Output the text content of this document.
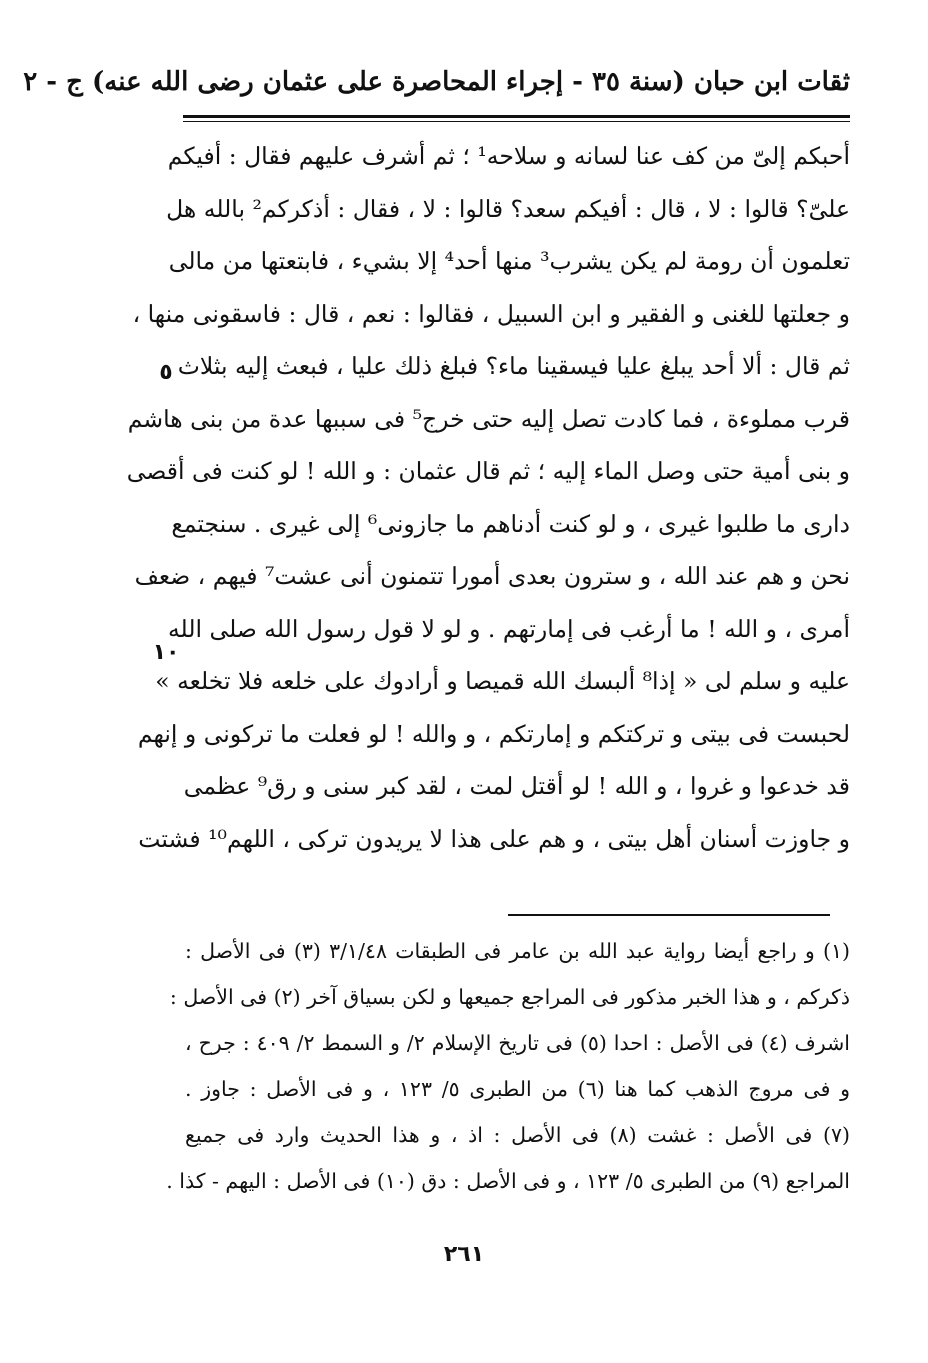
ثقات ابن حبان (سنة ٣٥ - إجراء المحاصرة على عثمان رضى الله عنه) ج - ٢
٥
١٠
أحبكم إلىّ من كف عنا لسانه و سلاحه¹ ؛ ثم أشرف عليهم فقال : أفيكم
علىّ؟ قالوا : لا ، قال : أفيكم سعد؟ قالوا : لا ، فقال : أذكركم² بالله هل
تعلمون أن رومة لم يكن يشرب³ منها أحد⁴ إلا بشيء ، فابتعتها من مالى
و جعلتها للغنى و الفقير و ابن السبيل ، فقالوا : نعم ، قال : فاسقونى منها ،
ثم قال : ألا أحد يبلغ عليا فيسقينا ماء؟ فبلغ ذلك عليا ، فبعث إليه بثلاث
قرب مملوءة ، فما كادت تصل إليه حتى خرج⁵ فى سببها عدة من بنى هاشم
و بنى أمية حتى وصل الماء إليه ؛ ثم قال عثمان : و الله ! لو كنت فى أقصى
دارى ما طلبوا غيرى ، و لو كنت أدناهم ما جازونى⁶ إلى غيرى . سنجتمع
نحن و هم عند الله ، و سترون بعدى أمورا تتمنون أنى عشت⁷ فيهم ، ضعف
أمرى ، و الله ! ما أرغب فى إمارتهم . و لو لا قول رسول الله صلى الله
عليه و سلم لى « إذا⁸ ألبسك الله قميصا و أرادوك على خلعه فلا تخلعه »
لحبست فى بيتى و تركتكم و إمارتكم ، و والله ! لو فعلت ما تركونى و إنهم
قد خدعوا و غروا ، و الله ! لو أقتل لمت ، لقد كبر سنى و رق⁹ عظمى
و جاوزت أسنان أهل بيتى ، و هم على هذا لا يريدون تركى ، اللهم¹⁰ فشتت
(١) و راجع أيضا رواية عبد الله بن عامر فى الطبقات ٣/١/٤٨ (٣) فى الأصل :
ذكركم ، و هذا الخبر مذكور فى المراجع جميعها و لكن بسياق آخر (٢) فى الأصل :
اشرف (٤) فى الأصل : احدا (٥) فى تاريخ الإسلام ٢/ و السمط ٢/ ٤٠٩ : جرح ،
و فى مروج الذهب كما هنا (٦) من الطبرى ٥/ ١٢٣ ، و فى الأصل : جاوز .
(٧) فى الأصل : غشت (٨) فى الأصل : اذ ، و هذا الحديث وارد فى جميع
المراجع (٩) من الطبرى ٥/ ١٢٣ ، و فى الأصل : دق (١٠) فى الأصل : اليهم - كذا .
٢٦١
